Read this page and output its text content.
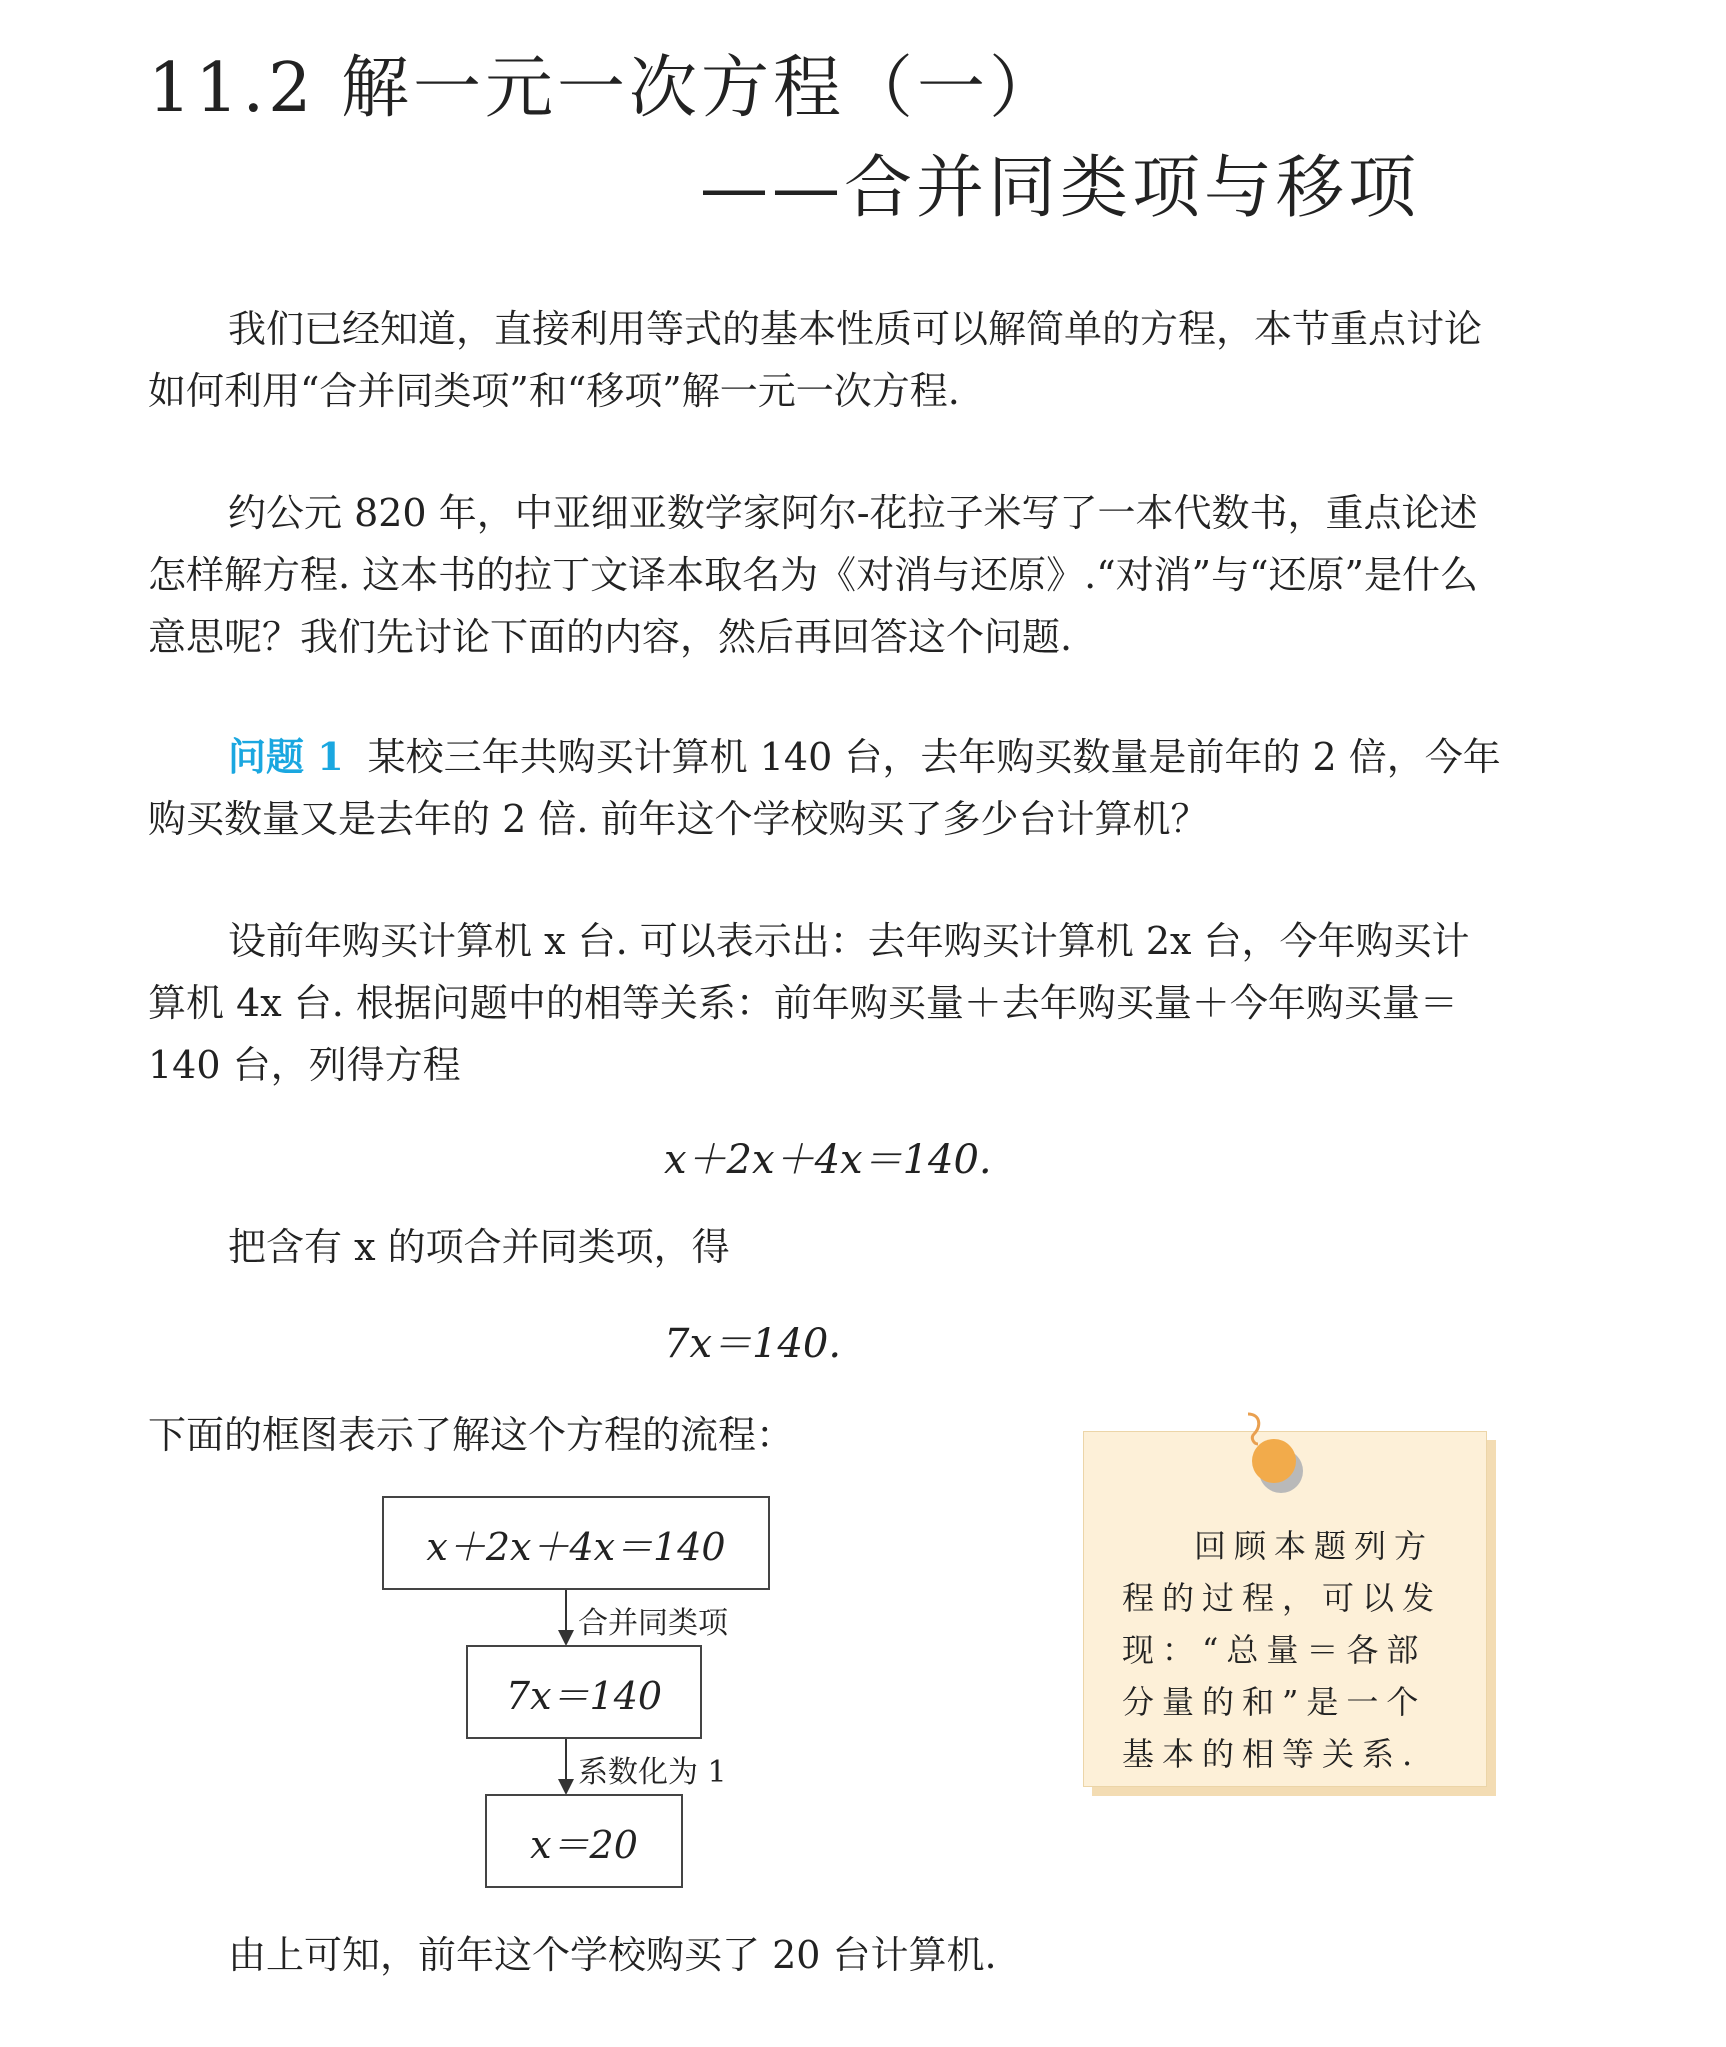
11.2 解一元一次方程（一）
——合并同类项与移项

我们已经知道，直接利用等式的基本性质可以解简单的方程，本节重点讨论如何利用“合并同类项”和“移项”解一元一次方程.

约公元 820 年，中亚细亚数学家阿尔-花拉子米写了一本代数书，重点论述怎样解方程. 这本书的拉丁文译本取名为《对消与还原》.“对消”与“还原”是什么意思呢？我们先讨论下面的内容，然后再回答这个问题.

问题 1 某校三年共购买计算机 140 台，去年购买数量是前年的 2 倍，今年购买数量又是去年的 2 倍. 前年这个学校购买了多少台计算机？

设前年购买计算机 x 台. 可以表示出：去年购买计算机 2x 台，今年购买计算机 4x 台. 根据问题中的相等关系：前年购买量＋去年购买量＋今年购买量＝140 台，列得方程

x＋2x＋4x＝140.

把含有 x 的项合并同类项，得

7x＝140.

下面的框图表示了解这个方程的流程：

x＋2x＋4x＝140
合并同类项
7x＝140
系数化为 1
x＝20

由上可知，前年这个学校购买了 20 台计算机.

回顾本题列方程的过程，可以发现：“总量＝各部分量的和”是一个基本的相等关系.
